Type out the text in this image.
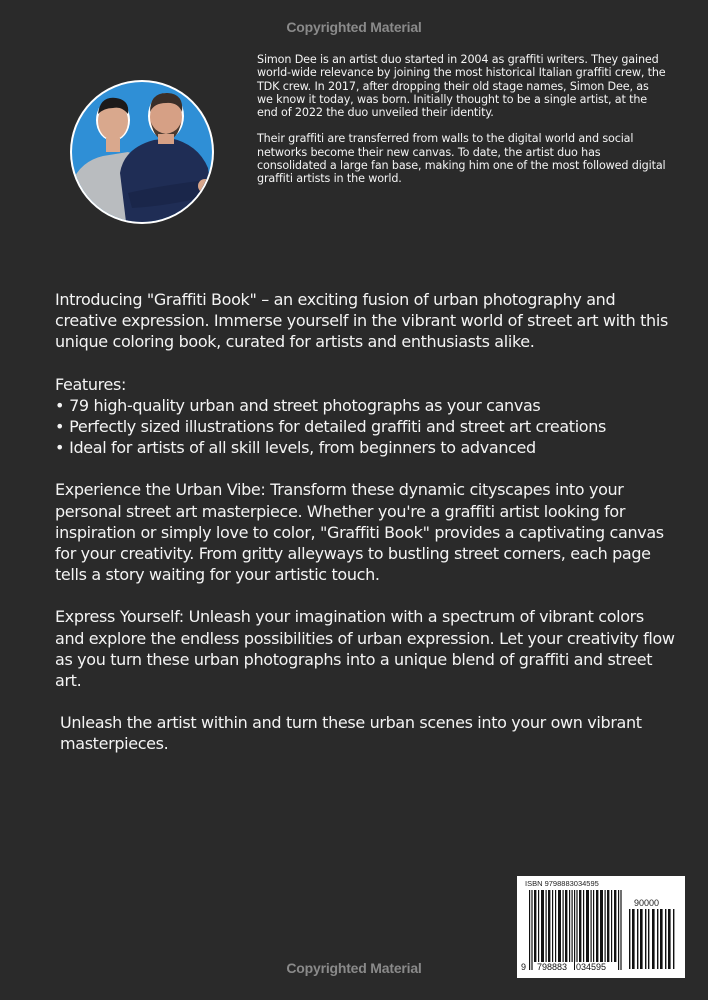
Copyrighted Material

Simon Dee is an artist duo started in 2004 as graffiti writers. They gained world-wide relevance by joining the most historical Italian graffiti crew, the TDK crew. In 2017, after dropping their old stage names, Simon Dee, as we know it today, was born. Initially thought to be a single artist, at the end of 2022 the duo unveiled their identity.

Their graffiti are transferred from walls to the digital world and social networks become their new canvas. To date, the artist duo has consolidated a large fan base, making him one of the most followed digital graffiti artists in the world.

Introducing "Graffiti Book" – an exciting fusion of urban photography and creative expression. Immerse yourself in the vibrant world of street art with this unique coloring book, curated for artists and enthusiasts alike.

Features:

• 79 high-quality urban and street photographs as your canvas
• Perfectly sized illustrations for detailed graffiti and street art creations
• Ideal for artists of all skill levels, from beginners to advanced

Experience the Urban Vibe: Transform these dynamic cityscapes into your personal street art masterpiece. Whether you're a graffiti artist looking for inspiration or simply love to color, "Graffiti Book" provides a captivating canvas for your creativity. From gritty alleyways to bustling street corners, each page tells a story waiting for your artistic touch.

Express Yourself: Unleash your imagination with a spectrum of vibrant colors and explore the endless possibilities of urban expression. Let your creativity flow as you turn these urban photographs into a unique blend of graffiti and street art.

Unleash the artist within and turn these urban scenes into your own vibrant masterpieces.

ISBN 9798883034595
9 798883 034595
90000
Copyrighted Material
